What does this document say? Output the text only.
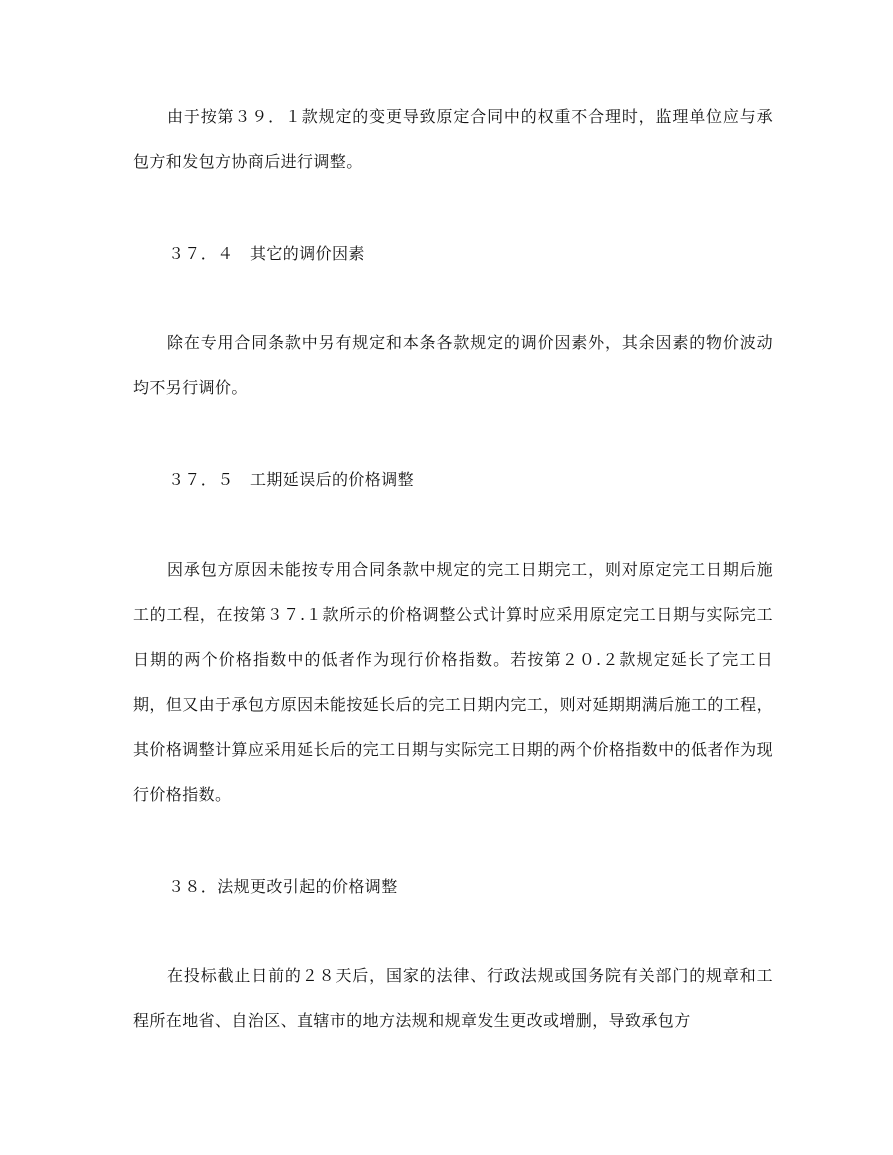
由于按第３９．１款规定的变更导致原定合同中的权重不合理时，监理单位应与承包方和发包方协商后进行调整。

３７．４　其它的调价因素

除在专用合同条款中另有规定和本条各款规定的调价因素外，其余因素的物价波动均不另行调价。

３７．５　工期延误后的价格调整

因承包方原因未能按专用合同条款中规定的完工日期完工，则对原定完工日期后施工的工程，在按第３７.１款所示的价格调整公式计算时应采用原定完工日期与实际完工日期的两个价格指数中的低者作为现行价格指数。若按第２０.２款规定延长了完工日期，但又由于承包方原因未能按延长后的完工日期内完工，则对延期期满后施工的工程，其价格调整计算应采用延长后的完工日期与实际完工日期的两个价格指数中的低者作为现行价格指数。

３８．法规更改引起的价格调整

在投标截止日前的２８天后，国家的法律、行政法规或国务院有关部门的规章和工程所在地省、自治区、直辖市的地方法规和规章发生更改或增删，导致承包方
